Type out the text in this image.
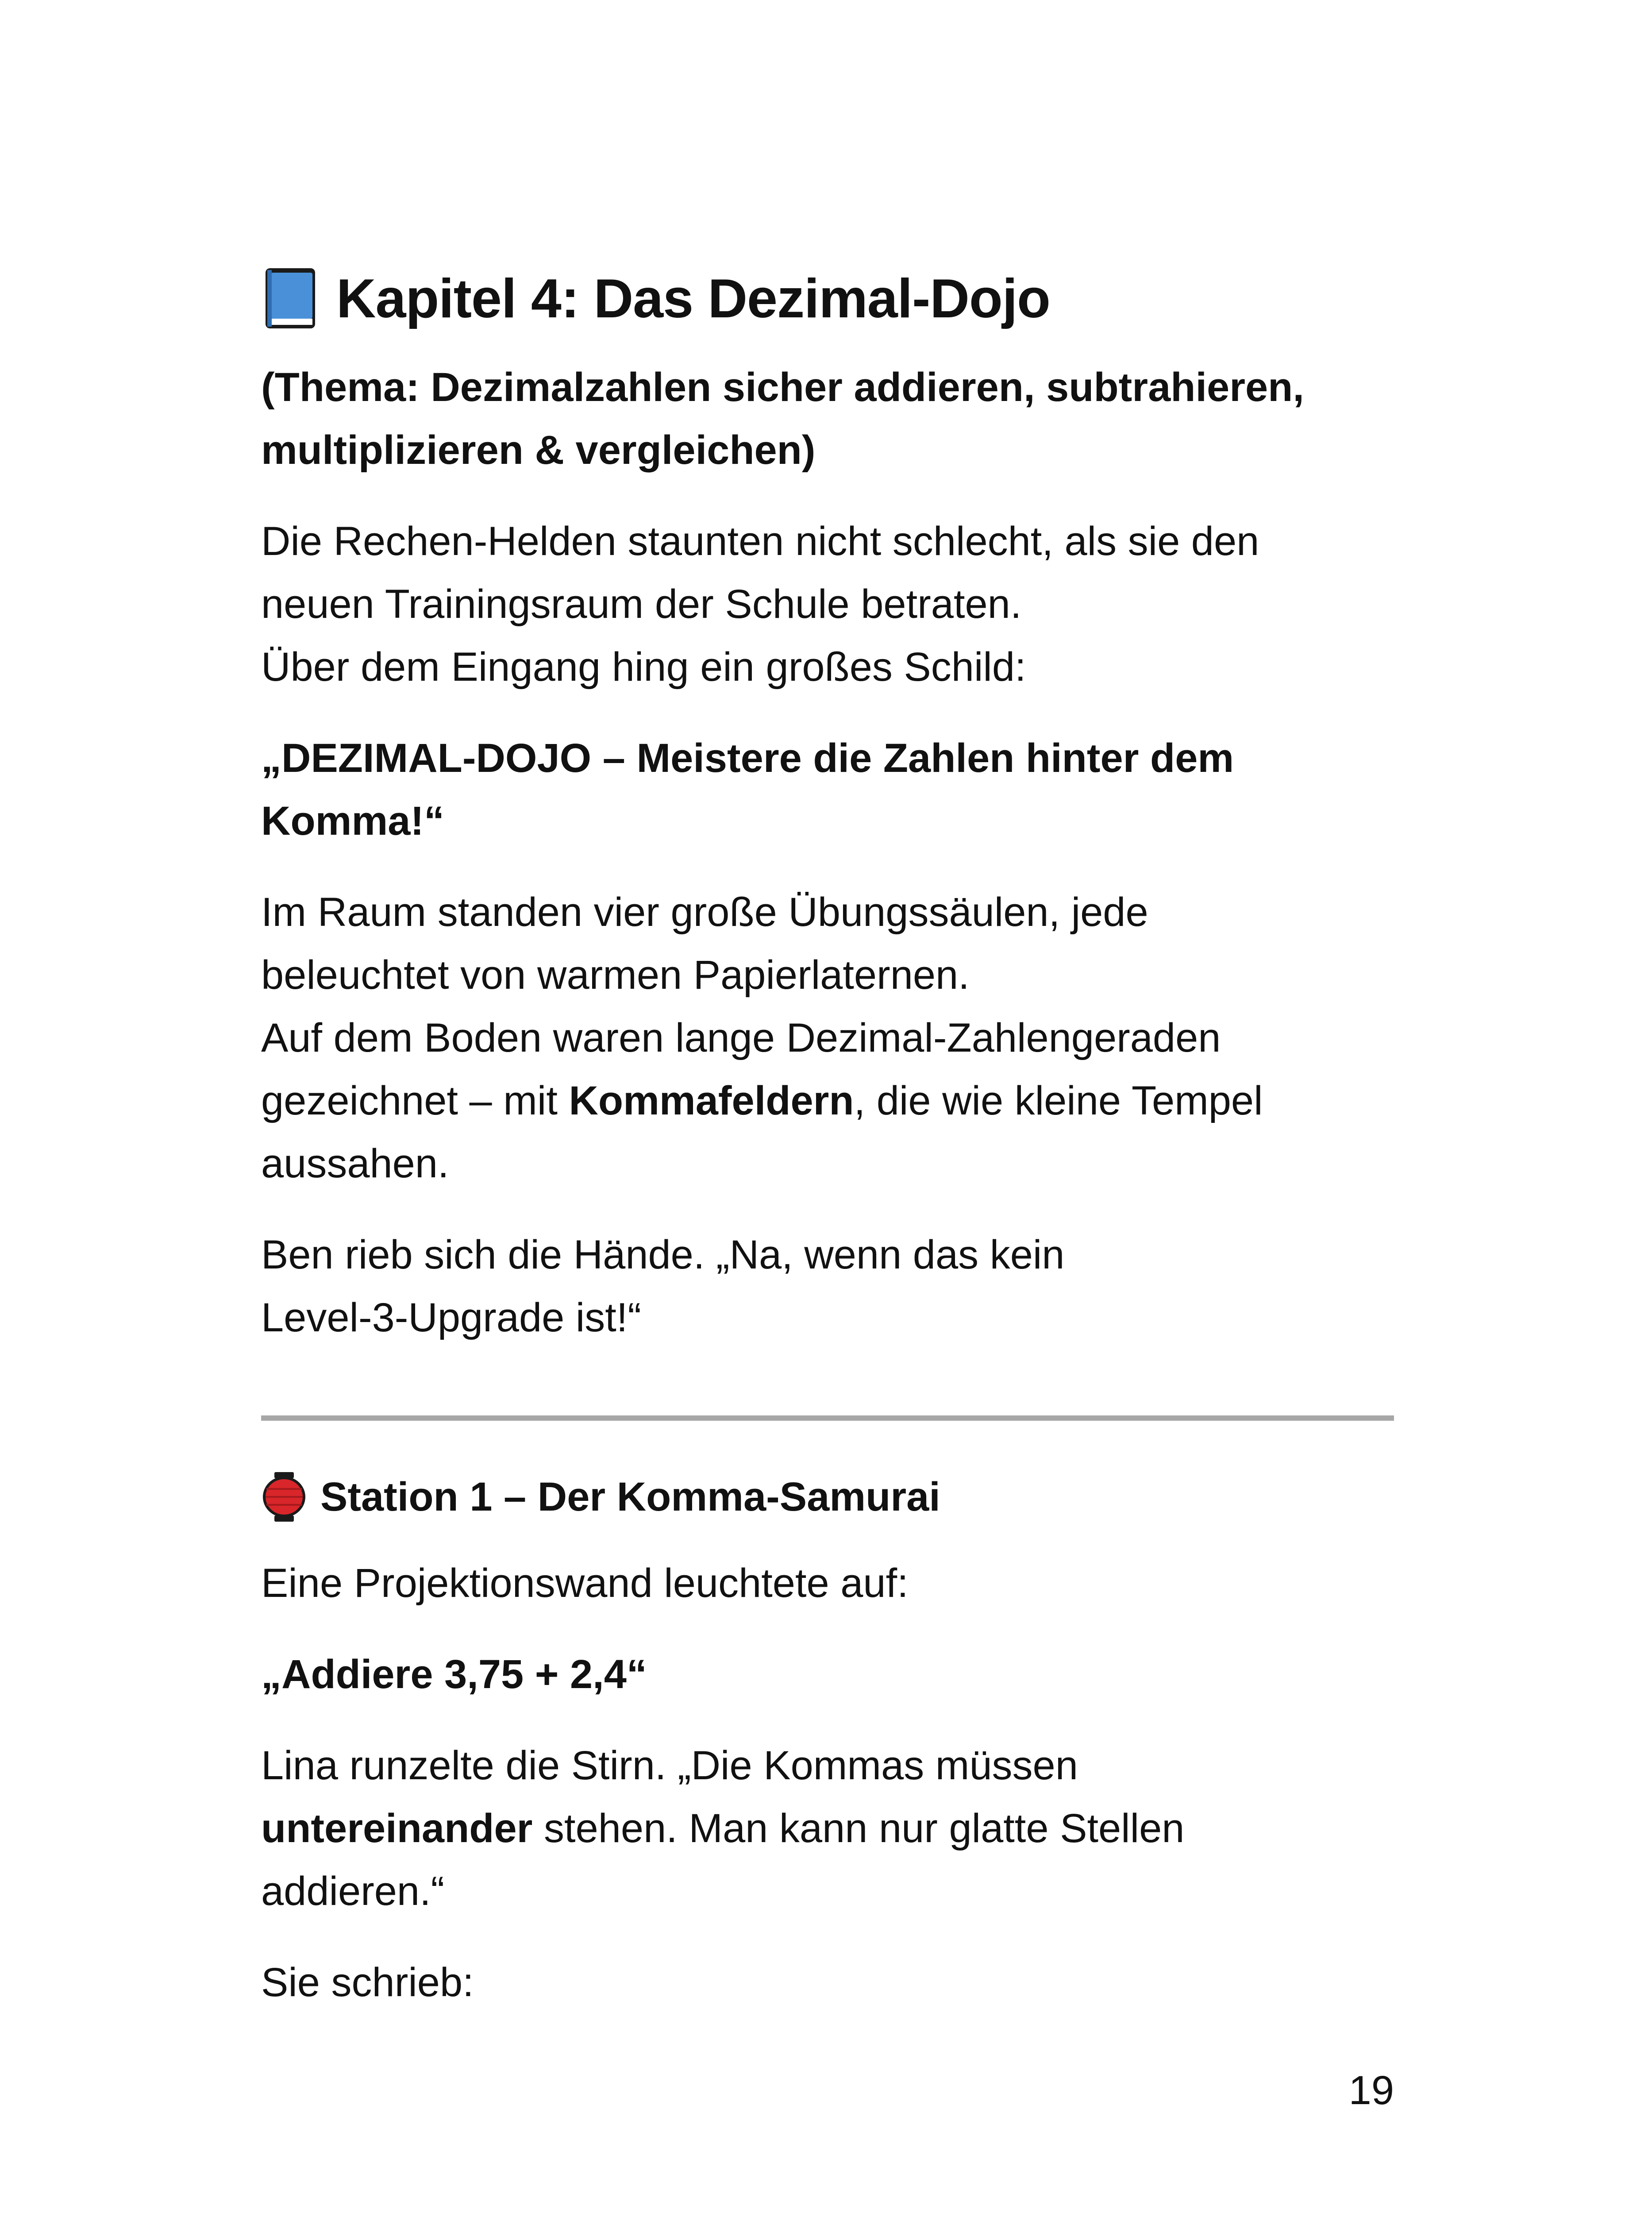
Kapitel 4: Das Dezimal-Dojo

(Thema: Dezimalzahlen sicher addieren, subtrahieren,
multiplizieren & vergleichen)

Die Rechen-Helden staunten nicht schlecht, als sie den
neuen Trainingsraum der Schule betraten.
Über dem Eingang hing ein großes Schild:

„DEZIMAL-DOJO – Meistere die Zahlen hinter dem
Komma!“

Im Raum standen vier große Übungssäulen, jede
beleuchtet von warmen Papierlaternen.
Auf dem Boden waren lange Dezimal-Zahlengeraden
gezeichnet – mit Kommafeldern, die wie kleine Tempel
aussahen.

Ben rieb sich die Hände. „Na, wenn das kein
Level-3-Upgrade ist!“

Station 1 – Der Komma-Samurai

Eine Projektionswand leuchtete auf:

„Addiere 3,75 + 2,4“

Lina runzelte die Stirn. „Die Kommas müssen
untereinander stehen. Man kann nur glatte Stellen
addieren.“

Sie schrieb:

19
